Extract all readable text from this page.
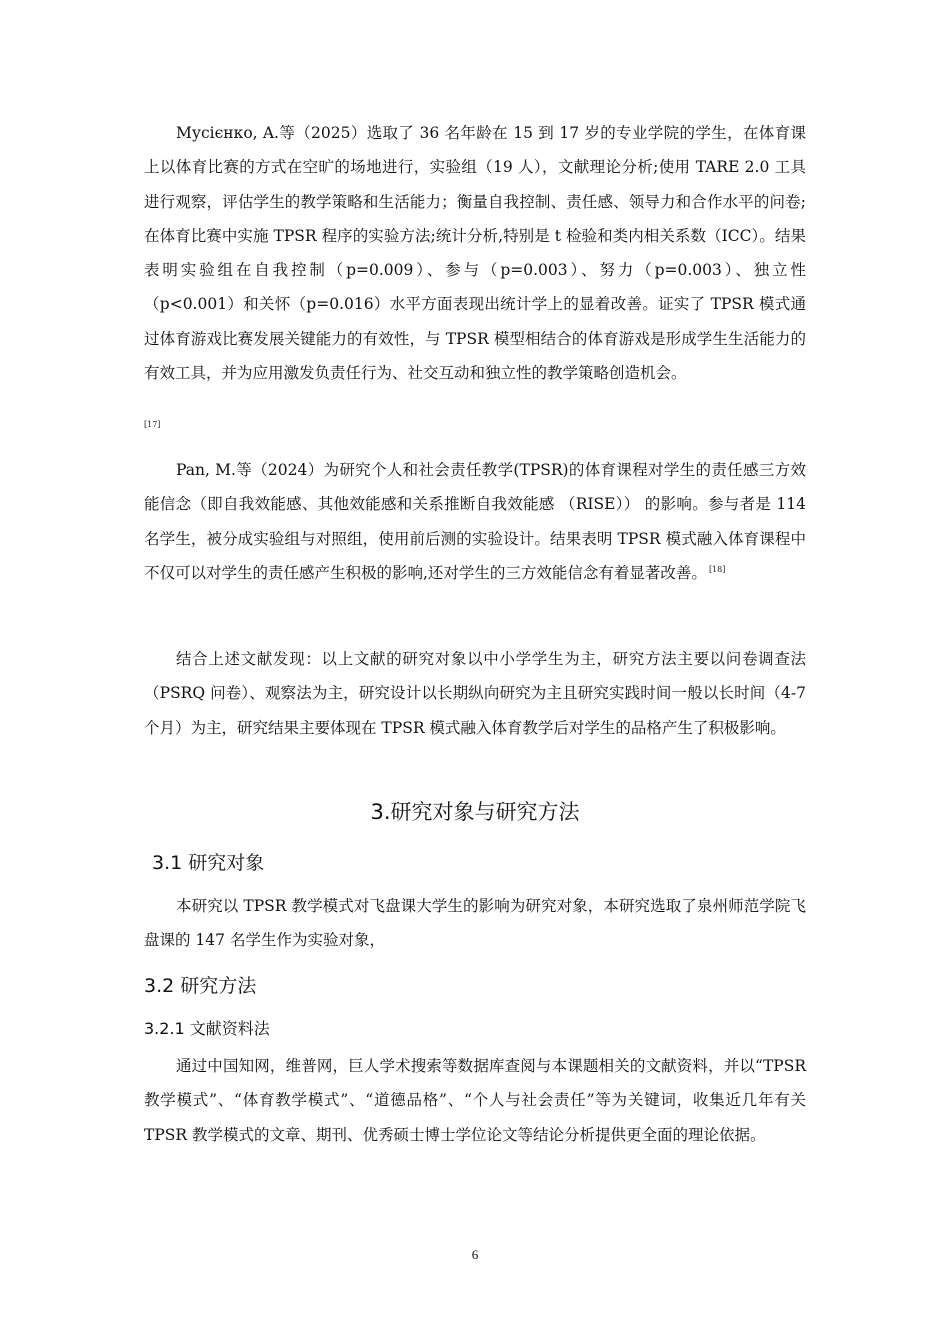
Мусієнко, A.等（2025）选取了 36 名年龄在 15 到 17 岁的专业学院的学生，在体育课上以体育比赛的方式在空旷的场地进行，实验组（19 人），文献理论分析;使用 TARE 2.0 工具进行观察，评估学生的教学策略和生活能力；衡量自我控制、责任感、领导力和合作水平的问卷; 在体育比赛中实施 TPSR 程序的实验方法;统计分析,特别是 t 检验和类内相关系数（ICC）。结果表明实验组在自我控制（p=0.009）、参与（p=0.003）、努力（p=0.003）、独立性（p<0.001）和关怀（p=0.016）水平方面表现出统计学上的显着改善。证实了 TPSR 模式通过体育游戏比赛发展关键能力的有效性，与 TPSR 模型相结合的体育游戏是形成学生生活能力的有效工具，并为应用激发负责任行为、社交互动和独立性的教学策略创造机会。

[17]

Pan, M.等（2024）为研究个人和社会责任教学(TPSR)的体育课程对学生的责任感三方效能信念（即自我效能感、其他效能感和关系推断自我效能感 （RISE）） 的影响。参与者是 114 名学生，被分成实验组与对照组，使用前后测的实验设计。结果表明 TPSR 模式融入体育课程中不仅可以对学生的责任感产生积极的影响,还对学生的三方效能信念有着显著改善。 [18]

结合上述文献发现：以上文献的研究对象以中小学学生为主，研究方法主要以问卷调查法（PSRQ 问卷）、观察法为主，研究设计以长期纵向研究为主且研究实践时间一般以长时间（4-7 个月）为主，研究结果主要体现在 TPSR 模式融入体育教学后对学生的品格产生了积极影响。

3.研究对象与研究方法
3.1 研究对象

本研究以 TPSR 教学模式对飞盘课大学生的影响为研究对象，本研究选取了泉州师范学院飞盘课的 147 名学生作为实验对象，

3.2 研究方法
3.2.1 文献资料法

通过中国知网，维普网，巨人学术搜索等数据库查阅与本课题相关的文献资料，并以“TPSR 教学模式”、“体育教学模式”、“道德品格”、“个人与社会责任”等为关键词，收集近几年有关 TPSR 教学模式的文章、期刊、优秀硕士博士学位论文等结论分析提供更全面的理论依据。

6
